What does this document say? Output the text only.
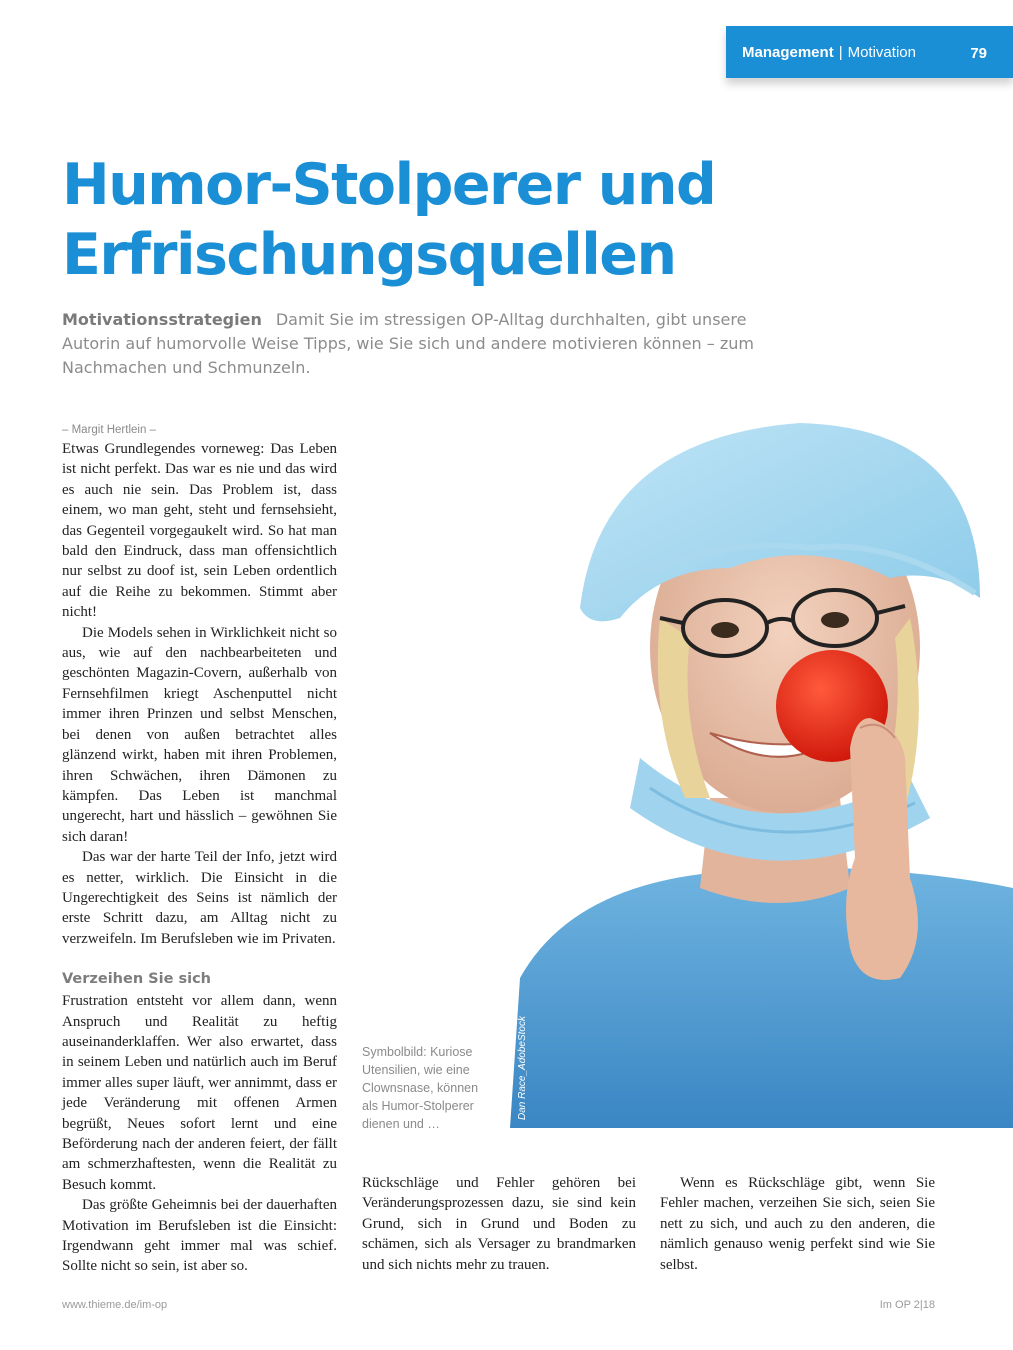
Management | Motivation	79
Humor-Stolperer und
Erfrischungsquellen

Motivationsstrategien Damit Sie im stressigen OP-Alltag durchhalten, gibt unsere Autorin auf humorvolle Weise Tipps, wie Sie sich und andere motivieren können – zum Nachmachen und Schmunzeln.

– Margit Hertlein –

Etwas Grundlegendes vorneweg: Das Leben ist nicht perfekt. Das war es nie und das wird es auch nie sein. Das Problem ist, dass einem, wo man geht, steht und fernsehsieht, das Gegenteil vorgegaukelt wird. So hat man bald den Eindruck, dass man offensichtlich nur selbst zu doof ist, sein Leben ordentlich auf die Reihe zu bekommen. Stimmt aber nicht!

Die Models sehen in Wirklichkeit nicht so aus, wie auf den nachbearbeiteten und geschönten Magazin-Covern, außerhalb von Fernsehfilmen kriegt Aschenputtel nicht immer ihren Prinzen und selbst Menschen, bei denen von außen betrachtet alles glänzend wirkt, haben mit ihren Problemen, ihren Schwächen, ihren Dämonen zu kämpfen. Das Leben ist manchmal ungerecht, hart und hässlich – gewöhnen Sie sich daran!

Das war der harte Teil der Info, jetzt wird es netter, wirklich. Die Einsicht in die Ungerechtigkeit des Seins ist nämlich der erste Schritt dazu, am Alltag nicht zu verzweifeln. Im Berufsleben wie im Privaten.

Verzeihen Sie sich

Frustration entsteht vor allem dann, wenn Anspruch und Realität zu heftig auseinanderklaffen. Wer also erwartet, dass in seinem Leben und natürlich auch im Beruf immer alles super läuft, wer annimmt, dass er jede Veränderung mit offenen Armen begrüßt, Neues sofort lernt und eine Beförderung nach der anderen feiert, der fällt am schmerzhaftesten, wenn die Realität zu Besuch kommt.

Das größte Geheimnis bei der dauerhaften Motivation im Berufsleben ist die Einsicht: Irgendwann geht immer mal was schief. Sollte nicht so sein, ist aber so.

Dan Race_AdobeStock

Symbolbild: Kuriose Utensilien, wie eine Clownsnase, können als Humor-Stolperer dienen und …

Rückschläge und Fehler gehören bei Veränderungsprozessen dazu, sie sind kein Grund, sich in Grund und Boden zu schämen, sich als Versager zu brandmarken und sich nichts mehr zu trauen.

Wenn es Rückschläge gibt, wenn Sie Fehler machen, verzeihen Sie sich, seien Sie nett zu sich, und auch zu den anderen, die nämlich genauso wenig perfekt sind wie Sie selbst.

www.thieme.de/im-op	Im OP 2|18
